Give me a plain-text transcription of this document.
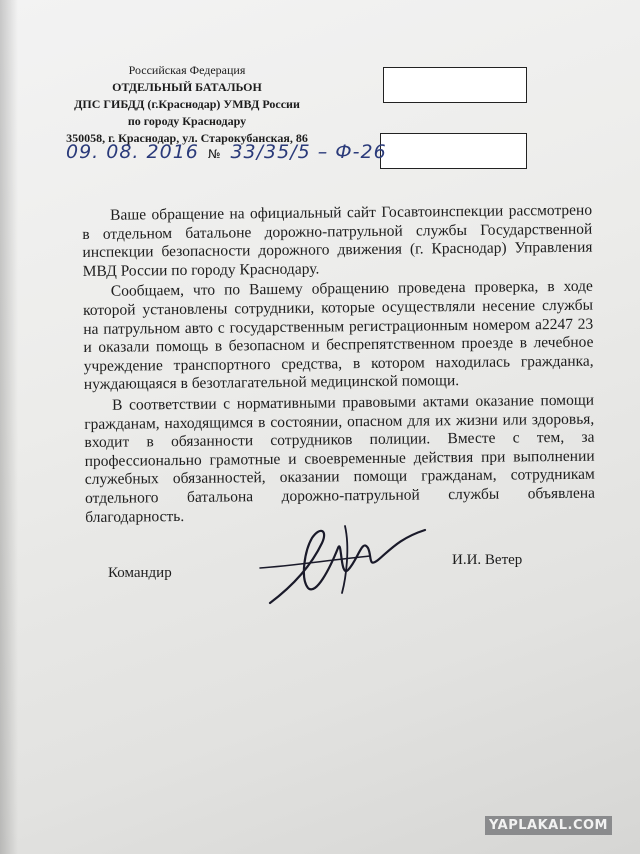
Российская Федерация
ОТДЕЛЬНЫЙ БАТАЛЬОН
ДПС ГИБДД (г.Краснодар) УМВД России
по городу Краснодару
350058, г. Краснодар, ул. Старокубанская, 86
09. 08. 2016 № 33/35/5 – Ф-26

Ваше обращение на официальный сайт Госавтоинспекции рассмотрено в отдельном батальоне дорожно-патрульной службы Государственной инспекции безопасности дорожного движения (г. Краснодар) Управления МВД России по городу Краснодару.

Сообщаем, что по Вашему обращению проведена проверка, в ходе которой установлены сотрудники, которые осуществляли несение службы на патрульном авто с государственным регистрационным номером а2247 23 и оказали помощь в безопасном и беспрепятственном проезде в лечебное учреждение транспортного средства, в котором находилась гражданка, нуждающаяся в безотлагательной медицинской помощи.

В соответствии с нормативными правовыми актами оказание помощи гражданам, находящимся в состоянии, опасном для их жизни или здоровья, входит в обязанности сотрудников полиции. Вместе с тем, за профессионально грамотные и своевременные действия при выполнении служебных обязанностей, оказании помощи гражданам, сотрудникам отдельного батальона дорожно-патрульной службы объявлена благодарность.

Командир
И.И. Ветер
YAPLAKAL.COM
